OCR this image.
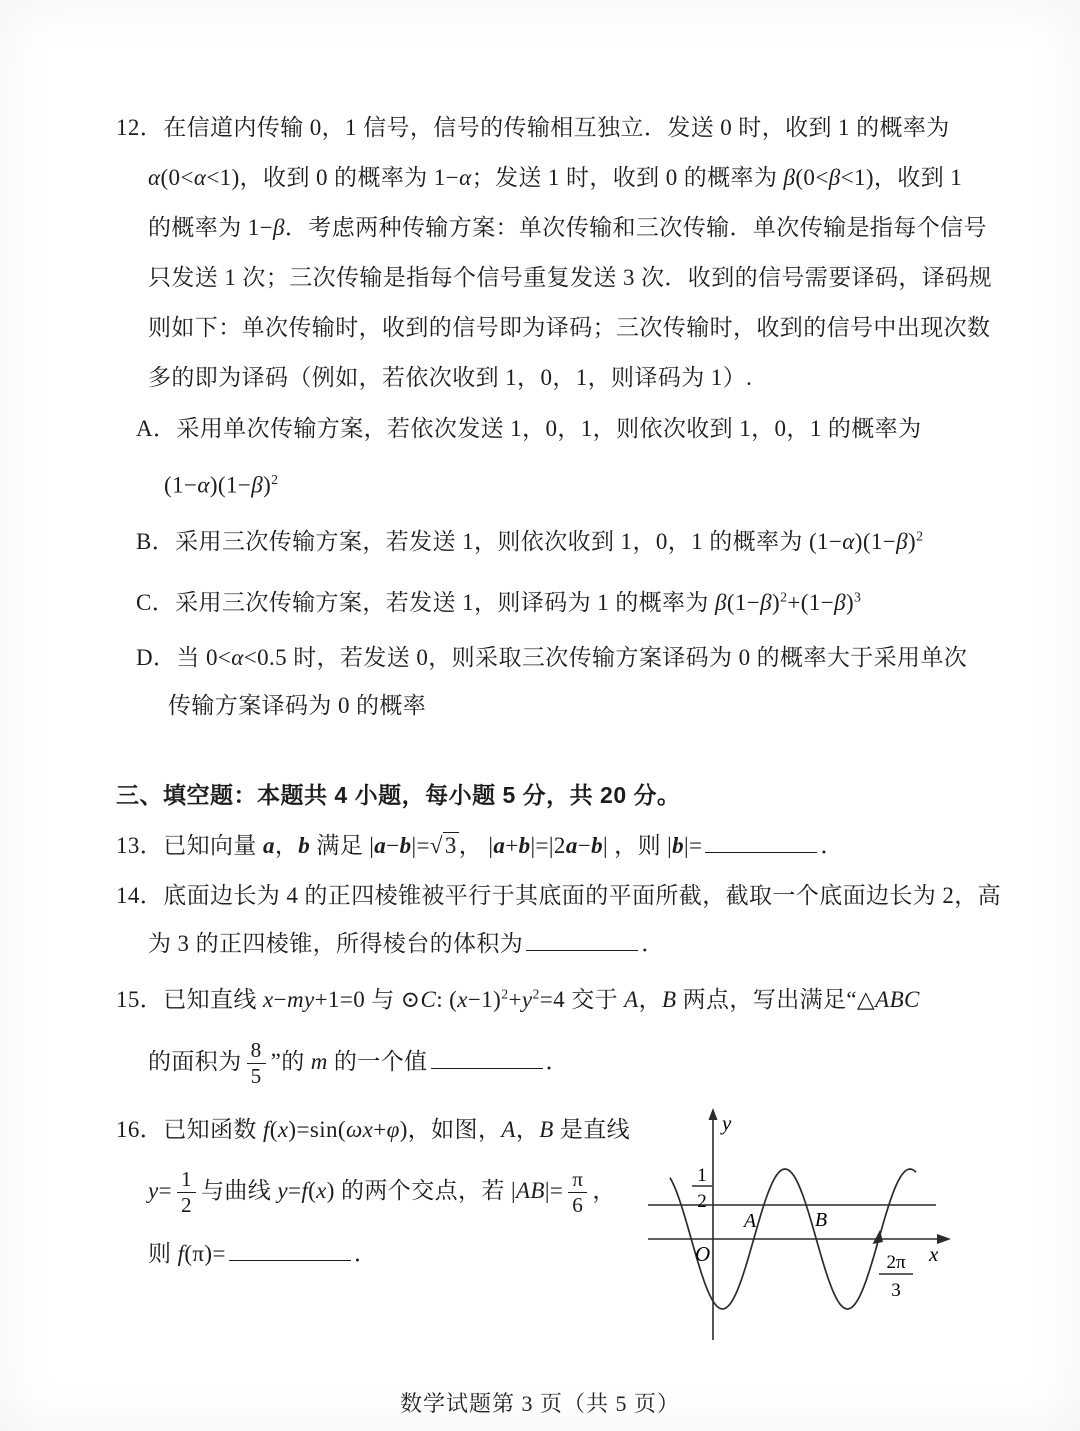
12．在信道内传输 0，1 信号，信号的传输相互独立．发送 0 时，收到 1 的概率为
α(0<α<1)，收到 0 的概率为 1−α；发送 1 时，收到 0 的概率为 β(0<β<1)，收到 1
的概率为 1−β．考虑两种传输方案：单次传输和三次传输．单次传输是指每个信号
只发送 1 次；三次传输是指每个信号重复发送 3 次．收到的信号需要译码，译码规
则如下：单次传输时，收到的信号即为译码；三次传输时，收到的信号中出现次数
多的即为译码（例如，若依次收到 1，0，1，则译码为 1）.
A．采用单次传输方案，若依次发送 1，0，1，则依次收到 1，0，1 的概率为
$(1-\alpha)(1-\beta)^2$
B．采用三次传输方案，若发送 1，则依次收到 1，0，1 的概率为 $(1-\alpha)(1-\beta)^2$
C．采用三次传输方案，若发送 1，则译码为 1 的概率为 $\beta(1-\beta)^2+(1-\beta)^3$
D．当 0<α<0.5 时，若发送 0，则采取三次传输方案译码为 0 的概率大于采用单次
传输方案译码为 0 的概率
三、填空题：本题共 4 小题，每小题 5 分，共 20 分。
13．已知向量 a，b 满足 |a−b|=√3， |a+b|=|2a−b| ，则 |b|=	．
14．底面边长为 4 的正四棱锥被平行于其底面的平面所截，截取一个底面边长为 2，高
为 3 的正四棱锥，所得棱台的体积为	．
15．已知直线 x−my+1=0 与 ⊙C: $(x-1)^2+y^2=4$ 交于 A，B 两点，写出满足“△ABC
的面积为 $\frac{8}{5}$ ”的 m 的一个值	．
16．已知函数 f(x)=sin(ωx+φ)，如图，A，B 是直线
$y= \frac{1}{2}$ 与曲线 y=f(x) 的两个交点，若 $|AB|= \frac{\pi}{6}$ ，
则 f(π)=	．
y
x
O
A	B
1
2
2π
3
数学试题第 3 页（共 5 页）
